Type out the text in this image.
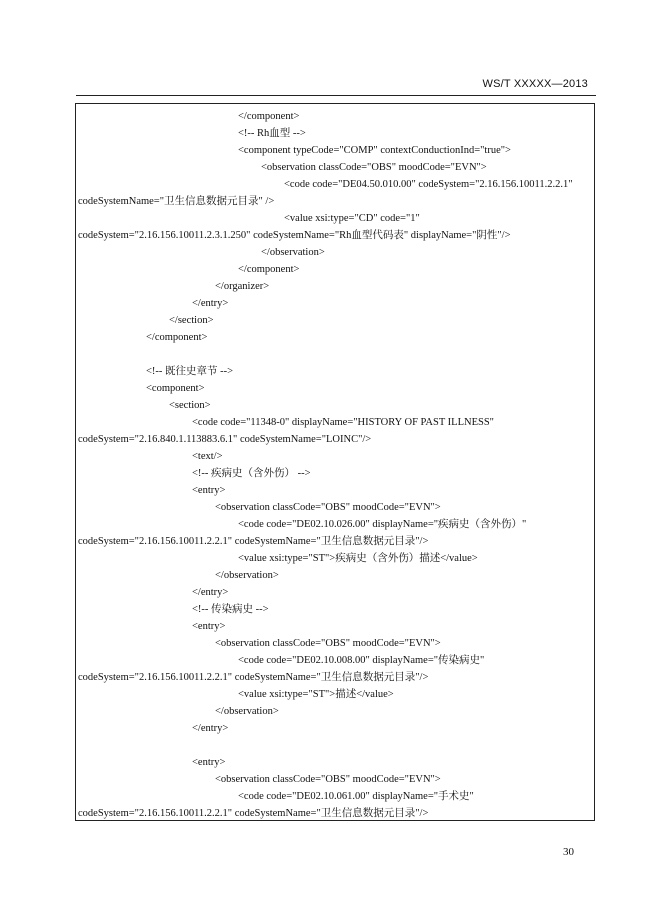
WS/T XXXXX—2013
</component>
<!-- Rh血型 -->
<component typeCode="COMP" contextConductionInd="true">
<observation classCode="OBS" moodCode="EVN">
<code code="DE04.50.010.00" codeSystem="2.16.156.10011.2.2.1"
codeSystemName="卫生信息数据元目录" />
<value xsi:type="CD" code="1"
codeSystem="2.16.156.10011.2.3.1.250" codeSystemName="Rh血型代码表" displayName="阴性"/>
</observation>
</component>
</organizer>
</entry>
</section>
</component>
<!-- 既往史章节 -->
<component>
<section>
<code code="11348-0" displayName="HISTORY OF PAST ILLNESS"
codeSystem="2.16.840.1.113883.6.1" codeSystemName="LOINC"/>
<text/>
<!-- 疾病史（含外伤） -->
<entry>
<observation classCode="OBS" moodCode="EVN">
<code code="DE02.10.026.00" displayName="疾病史（含外伤）"
codeSystem="2.16.156.10011.2.2.1" codeSystemName="卫生信息数据元目录"/>
<value xsi:type="ST">疾病史（含外伤）描述</value>
</observation>
</entry>
<!-- 传染病史 -->
<entry>
<observation classCode="OBS" moodCode="EVN">
<code code="DE02.10.008.00" displayName="传染病史"
codeSystem="2.16.156.10011.2.2.1" codeSystemName="卫生信息数据元目录"/>
<value xsi:type="ST">描述</value>
</observation>
</entry>
<entry>
<observation classCode="OBS" moodCode="EVN">
<code code="DE02.10.061.00" displayName="手术史"
codeSystem="2.16.156.10011.2.2.1" codeSystemName="卫生信息数据元目录"/>
30
